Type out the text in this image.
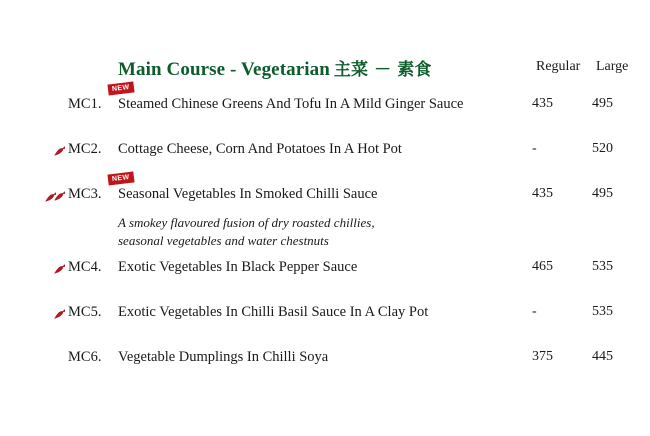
Main Course - Vegetarian 主菜 － 素食	Regular Large
NEW
MC1.	Steamed Chinese Greens And Tofu In A Mild Ginger Sauce	435	495
MC2.	Cottage Cheese, Corn And Potatoes In A Hot Pot	-	520
NEW
MC3.	Seasonal Vegetables In Smoked Chilli Sauce	435	495
A smokey flavoured fusion of dry roasted chillies,
seasonal vegetables and water chestnuts
MC4.	Exotic Vegetables In Black Pepper Sauce	465	535
MC5.	Exotic Vegetables In Chilli Basil Sauce In A Clay Pot	-	535
MC6.	Vegetable Dumplings In Chilli Soya	375	445
